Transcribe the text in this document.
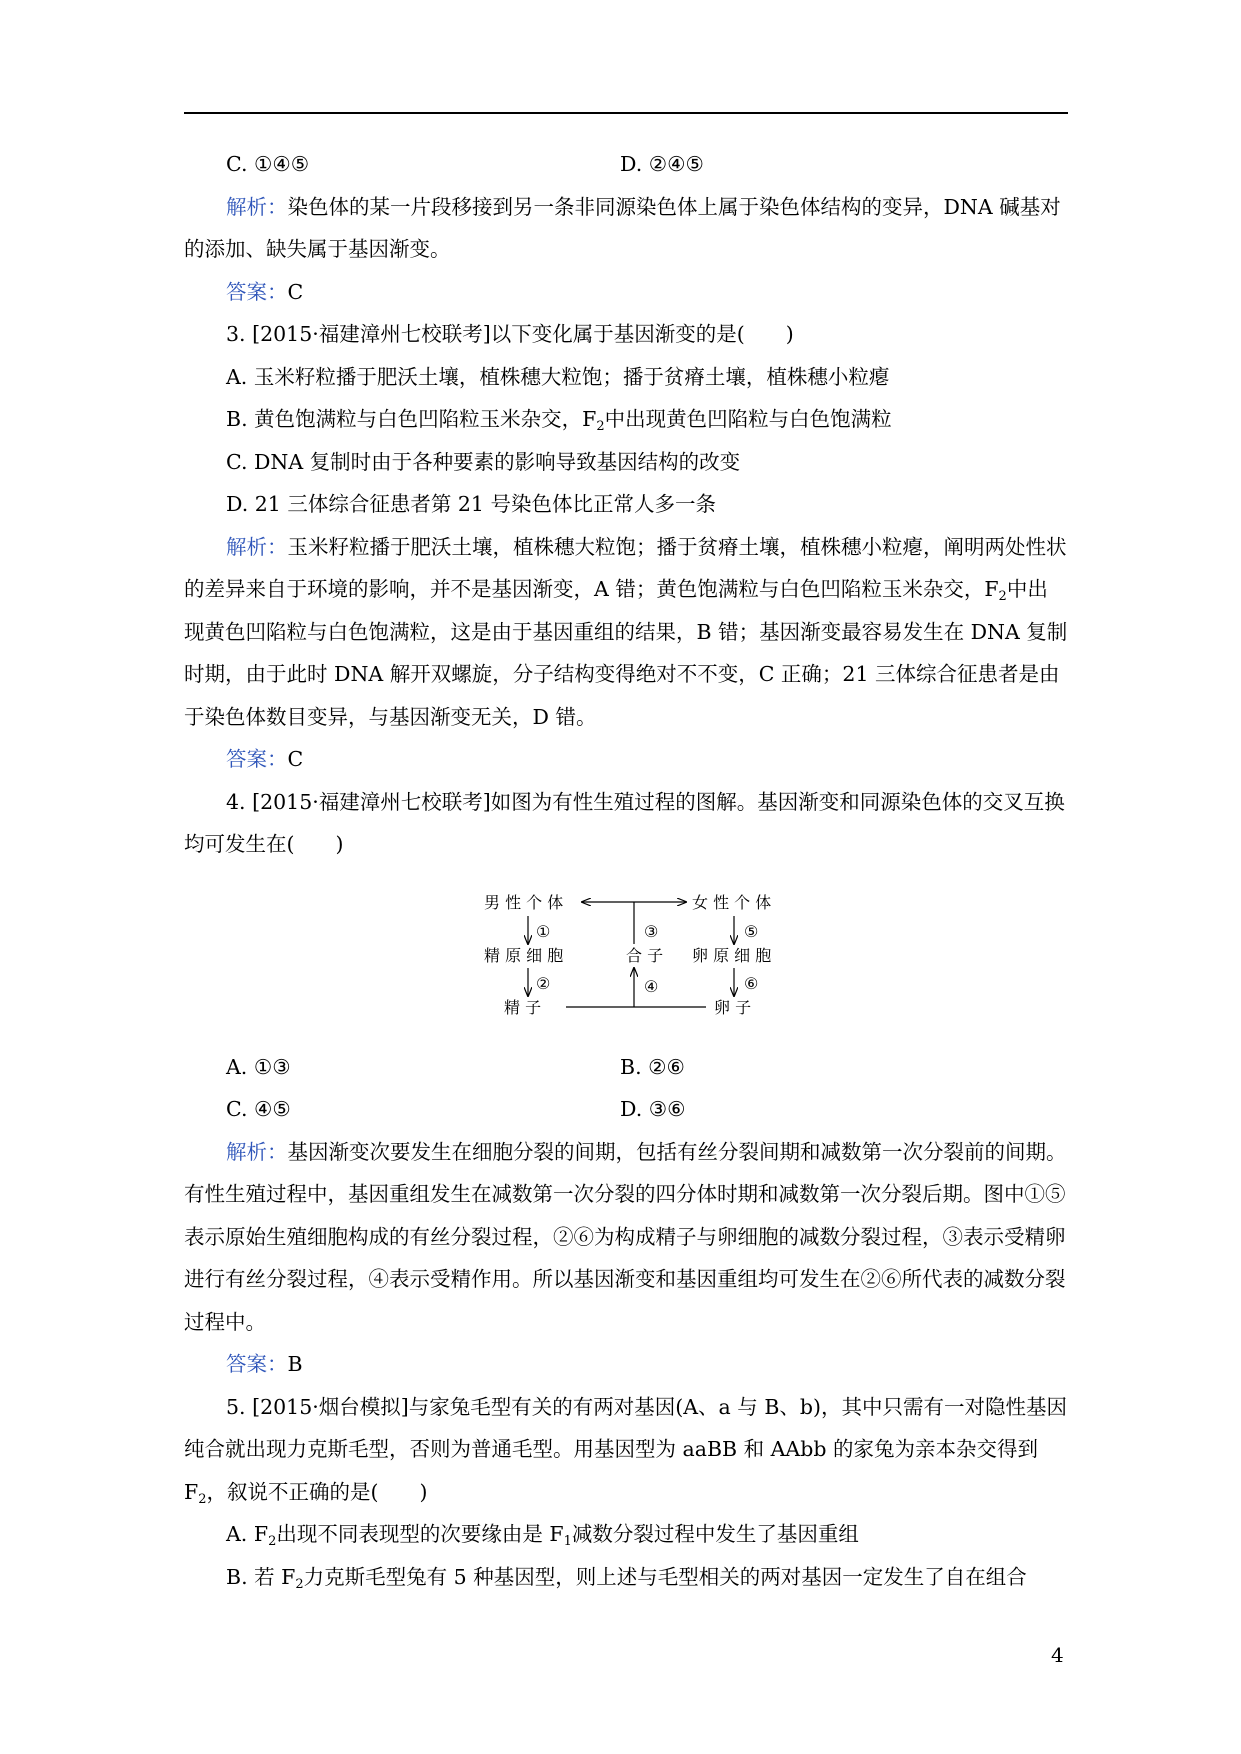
C. ①④⑤	D. ②④⑤

解析：染色体的某一片段移接到另一条非同源染色体上属于染色体结构的变异，DNA 碱基对的添加、缺失属于基因渐变。

答案：C

3. [2015·福建漳州七校联考]以下变化属于基因渐变的是(　　)

A. 玉米籽粒播于肥沃土壤，植株穗大粒饱；播于贫瘠土壤，植株穗小粒瘪

B. 黄色饱满粒与白色凹陷粒玉米杂交，$F_2$中出现黄色凹陷粒与白色饱满粒

C. DNA 复制时由于各种要素的影响导致基因结构的改变

D. 21 三体综合征患者第 21 号染色体比正常人多一条

解析：玉米籽粒播于肥沃土壤，植株穗大粒饱；播于贫瘠土壤，植株穗小粒瘪，阐明两处性状的差异来自于环境的影响，并不是基因渐变，A 错；黄色饱满粒与白色凹陷粒玉米杂交，$F_2$中出现黄色凹陷粒与白色饱满粒，这是由于基因重组的结果，B 错；基因渐变最容易发生在 DNA 复制时期，由于此时 DNA 解开双螺旋，分子结构变得绝对不不变，C 正确；21 三体综合征患者是由于染色体数目变异，与基因渐变无关，D 错。

答案：C

4. [2015·福建漳州七校联考]如图为有性生殖过程的图解。基因渐变和同源染色体的交叉互换均可发生在(　　)

男 性 个 体	女 性 个 体
精 原 细 胞	合 子 卵 原 细 胞
精 子	卵 子
①
②
③
④
⑤
⑥
A. ①③	B. ②⑥
C. ④⑤	D. ③⑥

解析：基因渐变次要发生在细胞分裂的间期，包括有丝分裂间期和减数第一次分裂前的间期。有性生殖过程中，基因重组发生在减数第一次分裂的四分体时期和减数第一次分裂后期。图中①⑤表示原始生殖细胞构成的有丝分裂过程，②⑥为构成精子与卵细胞的减数分裂过程，③表示受精卵进行有丝分裂过程，④表示受精作用。所以基因渐变和基因重组均可发生在②⑥所代表的减数分裂过程中。

答案：B

5. [2015·烟台模拟]与家兔毛型有关的有两对基因(A、a 与 B、b)，其中只需有一对隐性基因纯合就出现力克斯毛型，否则为普通毛型。用基因型为 aaBB 和 AAbb 的家兔为亲本杂交得到 $F_2$，叙说不正确的是(　　)

A. $F_2$出现不同表现型的次要缘由是 $F_1$减数分裂过程中发生了基因重组

B. 若 $F_2$力克斯毛型兔有 5 种基因型，则上述与毛型相关的两对基因一定发生了自在组合

4
